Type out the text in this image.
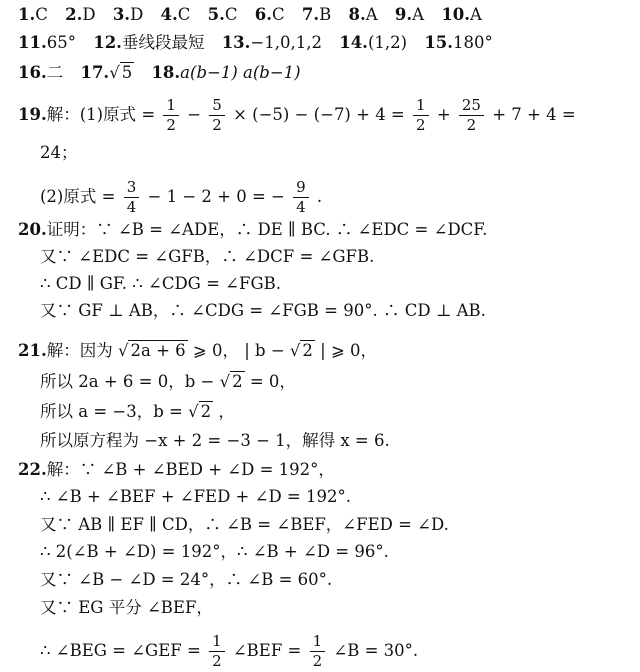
1.C 2.D 3.D 4.C 5.C 6.C 7.B 8.A 9.A 10.A
11.65° 12.垂线段最短 13.−1,0,1,2 14.(1,2) 15.180°
16.二 17.√ 5 18.a(b−1) a(b−1)
19.解：(1)原式 = $\frac{1}{2} - \frac{5}{2} \times (-5) - (-7) + 4 = \frac{1}{2} + \frac{25}{2} + 7 + 4$ =
24；
(2)原式 = $\frac{3}{4} - 1 - 2 + 0$ = − $\frac{9}{4}$ .
20.证明：∵ ∠B = ∠ADE，∴ DE ∥ BC. ∴ ∠EDC = ∠DCF.
又∵ ∠EDC = ∠GFB，∴ ∠DCF = ∠GFB.
∴ CD ∥ GF. ∴ ∠CDG = ∠FGB.
又∵ GF ⊥ AB，∴ ∠CDG = ∠FGB = 90°. ∴ CD ⊥ AB.
21.解：因为 √ 2a + 6 ⩾ 0， | b − √ 2 | ⩾ 0，
所以 2a + 6 = 0，b − √ 2 = 0，
所以 a = −3，b = √ 2 ，
所以原方程为 −x + 2 = −3 − 1，解得 x = 6.
22.解：∵ ∠B + ∠BED + ∠D = 192°，
∴ ∠B + ∠BEF + ∠FED + ∠D = 192°.
又∵ AB ∥ EF ∥ CD，∴ ∠B = ∠BEF，∠FED = ∠D.
∴ 2(∠B + ∠D) = 192°，∴ ∠B + ∠D = 96°.
又∵ ∠B − ∠D = 24°，∴ ∠B = 60°.
又∵ EG 平分 ∠BEF，
∴ ∠BEG = ∠GEF = $\frac{1}{2}$ ∠BEF = $\frac{1}{2}$ ∠B = 30°.
